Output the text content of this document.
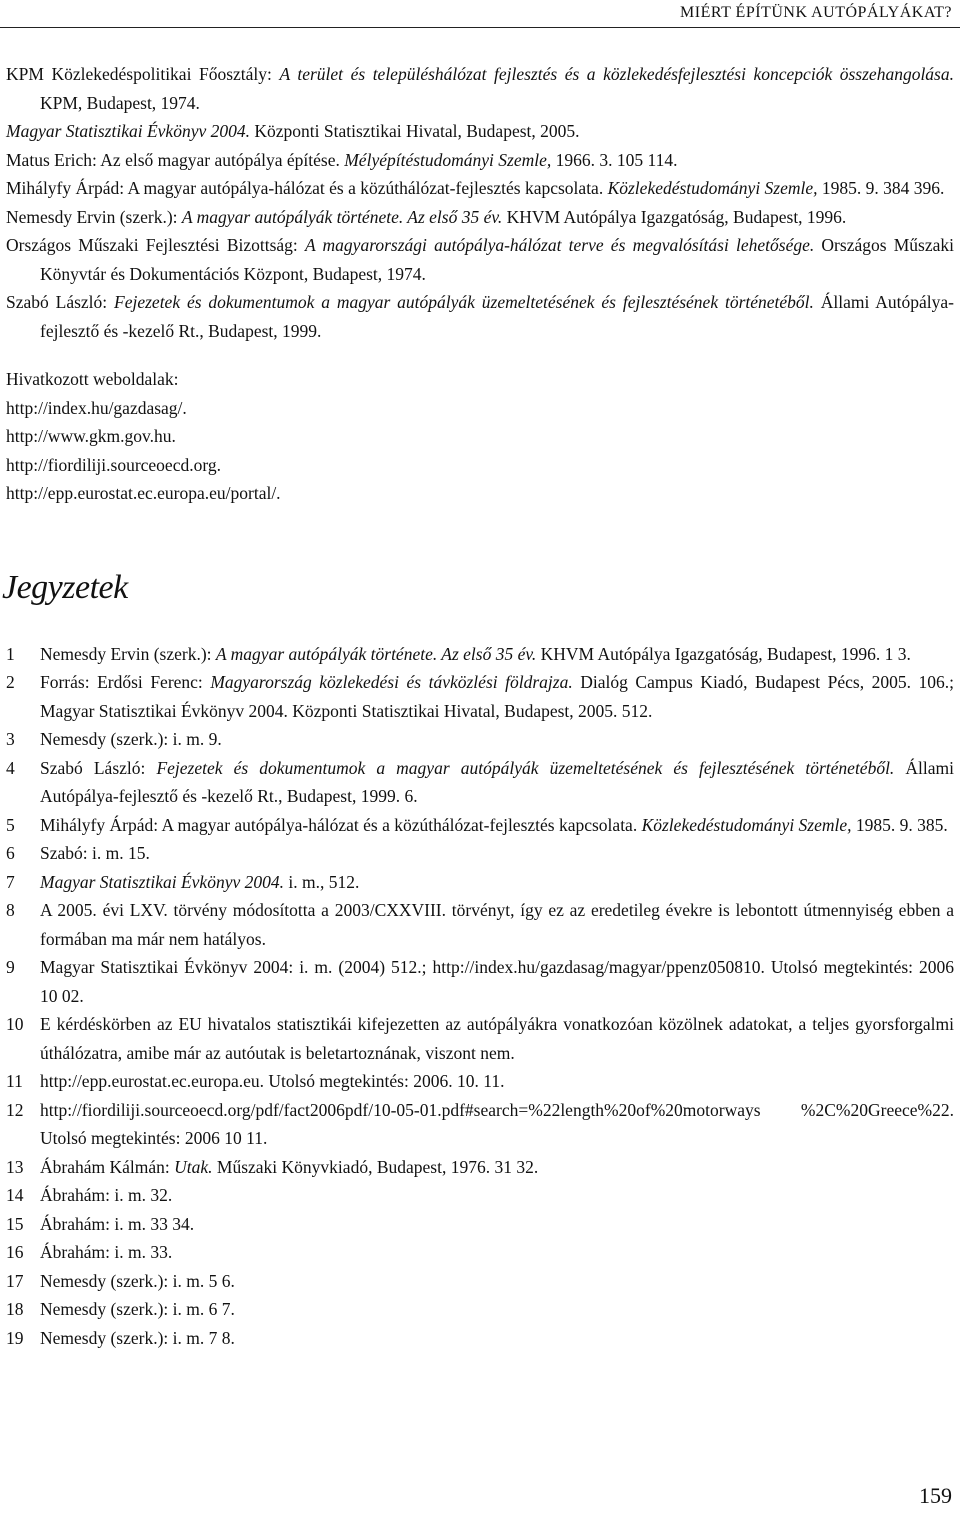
MIÉRT ÉPÍTÜNK AUTÓPÁLYÁKAT?

KPM Közlekedéspolitikai Főosztály: A terület és településhálózat fejlesztés és a közlekedésfejlesztési koncepciók összehangolása. KPM, Budapest, 1974.

Magyar Statisztikai Évkönyv 2004. Központi Statisztikai Hivatal, Budapest, 2005.

Matus Erich: Az első magyar autópálya építése. Mélyépítéstudományi Szemle, 1966. 3. 105 114.

Mihályfy Árpád: A magyar autópálya-hálózat és a közúthálózat-fejlesztés kapcsolata. Közlekedéstudományi Szemle, 1985. 9. 384 396.

Nemesdy Ervin (szerk.): A magyar autópályák története. Az első 35 év. KHVM Autópálya Igazgatóság, Budapest, 1996.

Országos Műszaki Fejlesztési Bizottság: A magyarországi autópálya-hálózat terve és megvalósítási lehetősége. Országos Műszaki Könyvtár és Dokumentációs Központ, Budapest, 1974.

Szabó László: Fejezetek és dokumentumok a magyar autópályák üzemeltetésének és fejlesztésének történetéből. Állami Autópálya-fejlesztő és -kezelő Rt., Budapest, 1999.

Hivatkozott weboldalak:
http://index.hu/gazdasag/.
http://www.gkm.gov.hu.
http://fiordiliji.sourceoecd.org.
http://epp.eurostat.ec.europa.eu/portal/.
Jegyzetek
1	Nemesdy Ervin (szerk.): A magyar autópályák története. Az első 35 év. KHVM Autópálya Igazgatóság, Budapest, 1996. 1 3.
2	Forrás: Erdősi Ferenc: Magyarország közlekedési és távközlési földrajza. Dialóg Campus Kiadó, Budapest Pécs, 2005. 106.; Magyar Statisztikai Évkönyv 2004. Központi Statisztikai Hivatal, Budapest, 2005. 512.
3	Nemesdy (szerk.): i. m. 9.
4	Szabó László: Fejezetek és dokumentumok a magyar autópályák üzemeltetésének és fejlesztésének történetéből. Állami Autópálya-fejlesztő és -kezelő Rt., Budapest, 1999. 6.
5	Mihályfy Árpád: A magyar autópálya-hálózat és a közúthálózat-fejlesztés kapcsolata. Közlekedéstudományi Szemle, 1985. 9. 385.
6	Szabó: i. m. 15.
7	Magyar Statisztikai Évkönyv 2004. i. m., 512.
8	A 2005. évi LXV. törvény módosította a 2003/CXXVIII. törvényt, így ez az eredetileg évekre is lebontott útmennyiség ebben a formában ma már nem hatályos.
9	Magyar Statisztikai Évkönyv 2004: i. m. (2004) 512.; http://index.hu/gazdasag/magyar/ppenz050810. Utolsó megtekintés: 2006 10 02.
10 E kérdéskörben az EU hivatalos statisztikái kifejezetten az autópályákra vonatkozóan közölnek adatokat, a teljes gyorsforgalmi úthálózatra, amibe már az autóutak is beletartoznának, viszont nem.
11 http://epp.eurostat.ec.europa.eu. Utolsó megtekintés: 2006. 10. 11.
12 http://fiordiliji.sourceoecd.org/pdf/fact2006pdf/10-05-01.pdf#search=%22length%20of%20motorways %2C%20Greece%22. Utolsó megtekintés: 2006 10 11.
13 Ábrahám Kálmán: Utak. Műszaki Könyvkiadó, Budapest, 1976. 31 32.
14 Ábrahám: i. m. 32.
15 Ábrahám: i. m. 33 34.
16 Ábrahám: i. m. 33.
17 Nemesdy (szerk.): i. m. 5 6.
18 Nemesdy (szerk.): i. m. 6 7.
19 Nemesdy (szerk.): i. m. 7 8.
159
